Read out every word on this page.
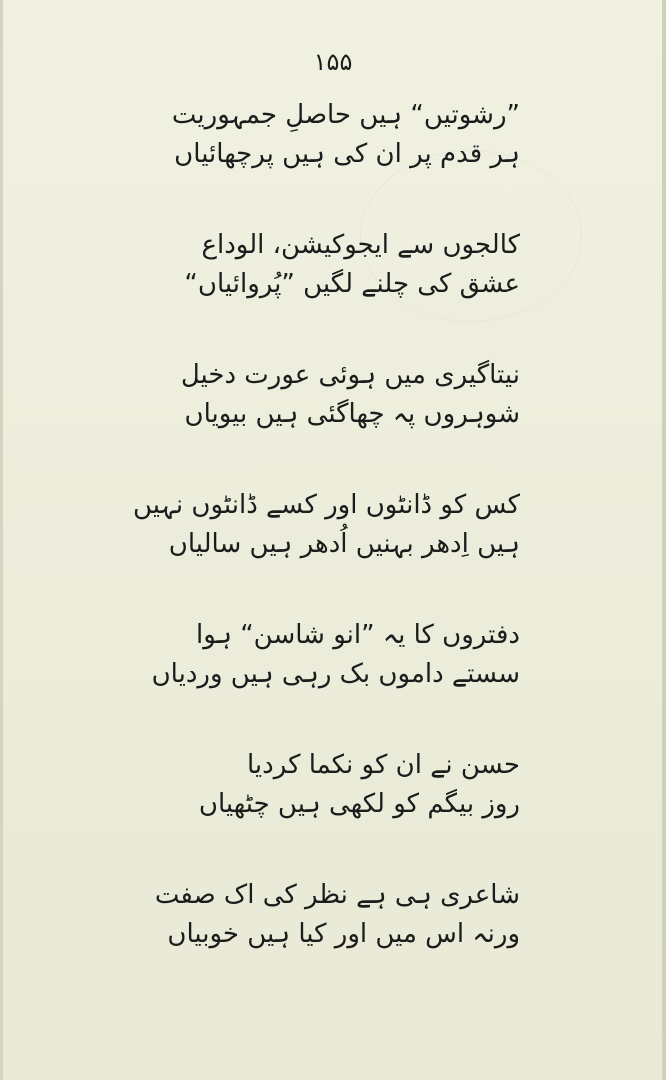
۱۵۵
”رشوتیں“ ہیں حاصلِ جمہوریت
ہر قدم پر ان کی ہیں پرچھائیاں
کالجوں سے ایجوکیشن، الوداع
عشق کی چلنے لگیں ”پُروائیاں“
نیتاگیری میں ہوئی عورت دخیل
شوہروں پہ چھاگئی ہیں بیویاں
کس کو ڈانٹوں اور کسے ڈانٹوں نہیں
ہیں اِدھر بہنیں اُدھر ہیں سالیاں
دفتروں کا یہ ”انو شاسن“ ہوا
سستے داموں بک رہی ہیں وردیاں
حسن نے ان کو نکما کردیا
روز بیگم کو لکھی ہیں چٹھیاں
شاعری ہی ہے نظر کی اک صفت
ورنہ اس میں اور کیا ہیں خوبیاں
